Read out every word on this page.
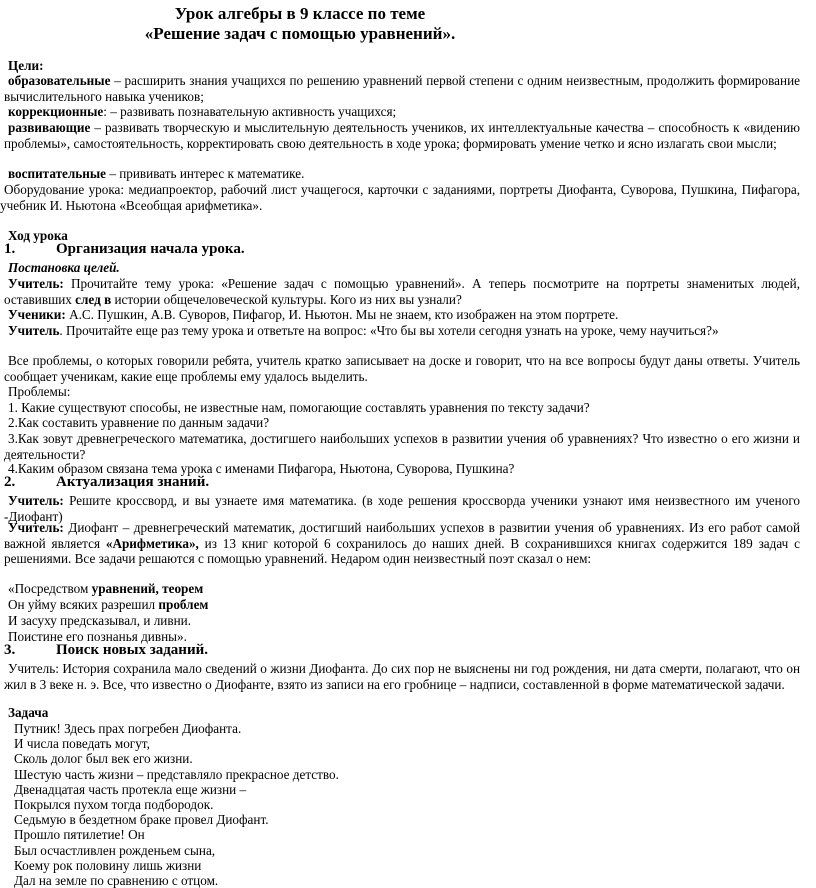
Урок алгебры в 9 классе по теме
«Решение задач с помощью уравнений».
Цели:
образовательные – расширить знания учащихся по решению уравнений первой степени с одним неизвестным, продолжить формирование вычислительного навыка учеников;
коррекционные: – развивать познавательную активность учащихся;
развивающие – развивать творческую и мыслительную деятельность учеников, их интеллектуальные качества – способность к «видению проблемы», самостоятельность, корректировать свою деятельность в ходе урока; формировать умение четко и ясно излагать свои мысли;
воспитательные – прививать интерес к математике.
Оборудование урока: медиапроектор, рабочий лист учащегося, карточки с заданиями, портреты Диофанта, Суворова, Пушкина, Пифагора, учебник И. Ньютона «Всеобщая арифметика».
Ход урока
1.	Организация начала урока.
Постановка целей.
Учитель: Прочитайте тему урока: «Решение задач с помощью уравнений». А теперь посмотрите на портреты знаменитых людей, оставивших след в истории общечеловеческой культуры. Кого из них вы узнали?
Ученики: А.С. Пушкин, А.В. Суворов, Пифагор, И. Ньютон. Мы не знаем, кто изображен на этом портрете.
Учитель. Прочитайте еще раз тему урока и ответьте на вопрос: «Что бы вы хотели сегодня узнать на уроке, чему научиться?»
Все проблемы, о которых говорили ребята, учитель кратко записывает на доске и говорит, что на все вопросы будут даны ответы. Учитель сообщает ученикам, какие еще проблемы ему удалось выделить.
Проблемы:
1. Какие существуют способы, не известные нам, помогающие составлять уравнения по тексту задачи?
2.Как составить уравнение по данным задачи?
3.Как зовут древнегреческого математика, достигшего наибольших успехов в развитии учения об уравнениях? Что известно о его жизни и деятельности?
4.Каким образом связана тема урока с именами Пифагора, Ньютона, Суворова, Пушкина?
2.	Актуализация знаний.
Учитель: Решите кроссворд, и вы узнаете имя математика. (в ходе решения кроссворда ученики узнают имя неизвестного им ученого -Диофант)
Учитель: Диофант – древнегреческий математик, достигший наибольших успехов в развитии учения об уравнениях. Из его работ самой важной является «Арифметика», из 13 книг которой 6 сохранилось до наших дней. В сохранившихся книгах содержится 189 задач с решениями. Все задачи решаются с помощью уравнений. Недаром один неизвестный поэт сказал о нем:
«Посредством уравнений, теорем
Он уйму всяких разрешил проблем
И засуху предсказывал, и ливни.
Поистине его познанья дивны».
3.	Поиск новых заданий.
Учитель: История сохранила мало сведений о жизни Диофанта. До сих пор не выяснены ни год рождения, ни дата смерти, полагают, что он жил в 3 веке н. э. Все, что известно о Диофанте, взято из записи на его гробнице – надписи, составленной в форме математической задачи.
Задача
Путник! Здесь прах погребен Диофанта.
И числа поведать могут,
Сколь долог был век его жизни.
Шестую часть жизни – представляло прекрасное детство.
Двенадцатая часть протекла еще жизни –
Покрылся пухом тогда подбородок.
Седьмую в бездетном браке провел Диофант.
Прошло пятилетие! Он
Был осчастливлен рожденьем сына,
Коему рок половину лишь жизни
Дал на земле по сравнению с отцом.
